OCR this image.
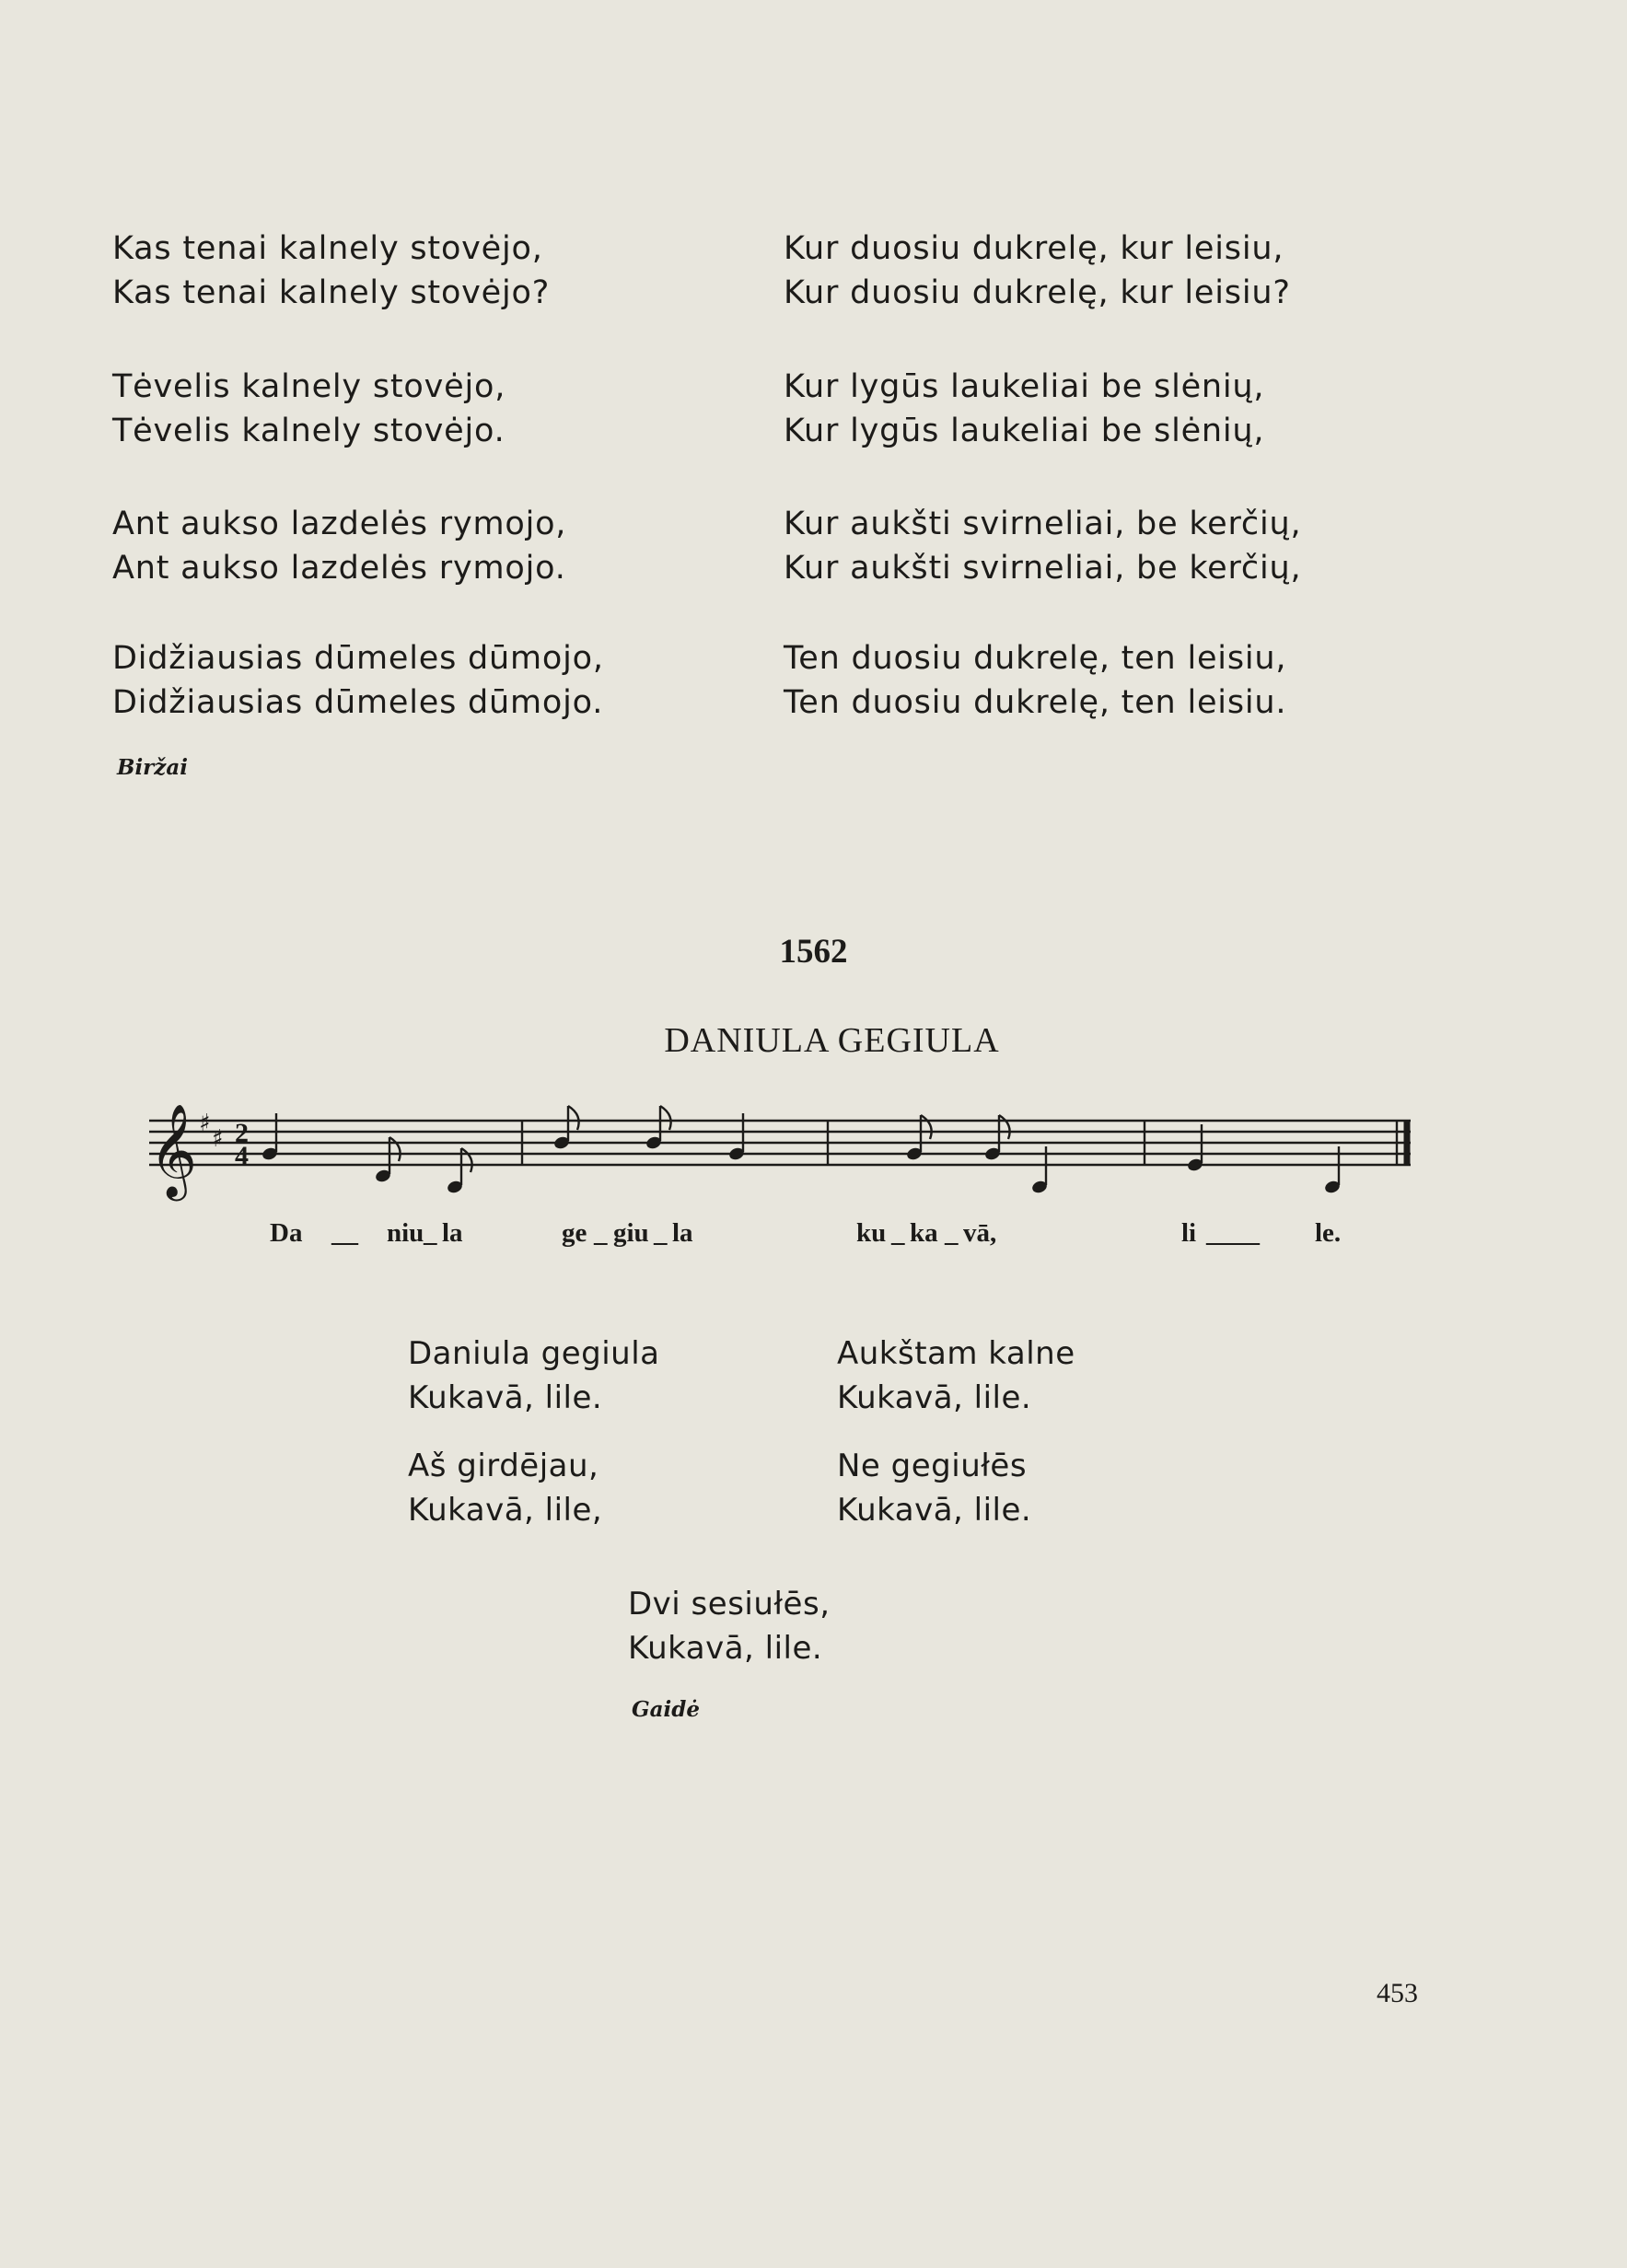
Kas tenai kalnely stovėjo,
Kas tenai kalnely stovėjo?
Tėvelis kalnely stovėjo,
Tėvelis kalnely stovėjo.
Ant aukso lazdelės rymojo,
Ant aukso lazdelės rymojo.
Didžiausias dūmeles dūmojo,
Didžiausias dūmeles dūmojo.
Kur duosiu dukrelę, kur leisiu,
Kur duosiu dukrelę, kur leisiu?
Kur lygūs laukeliai be slėnių,
Kur lygūs laukeliai be slėnių,
Kur aukšti svirneliai, be kerčių,
Kur aukšti svirneliai, be kerčių,
Ten duosiu dukrelę, ten leisiu,
Ten duosiu dukrelę, ten leisiu.
Biržai
1562
DANIULA GEGIULA
𝄞 ♯
♯ 2
4
Da __ niu _ la	ge _ giu _ la	ku _ ka _ vā,	li ____ le.
Daniula gegiula
Kukavā, lile.
Aš girdējau,
Kukavā, lile,
Aukštam kalne
Kukavā, lile.
Ne gegiułēs
Kukavā, lile.
Dvi sesiułēs,
Kukavā, lile.
Gaidė
453
